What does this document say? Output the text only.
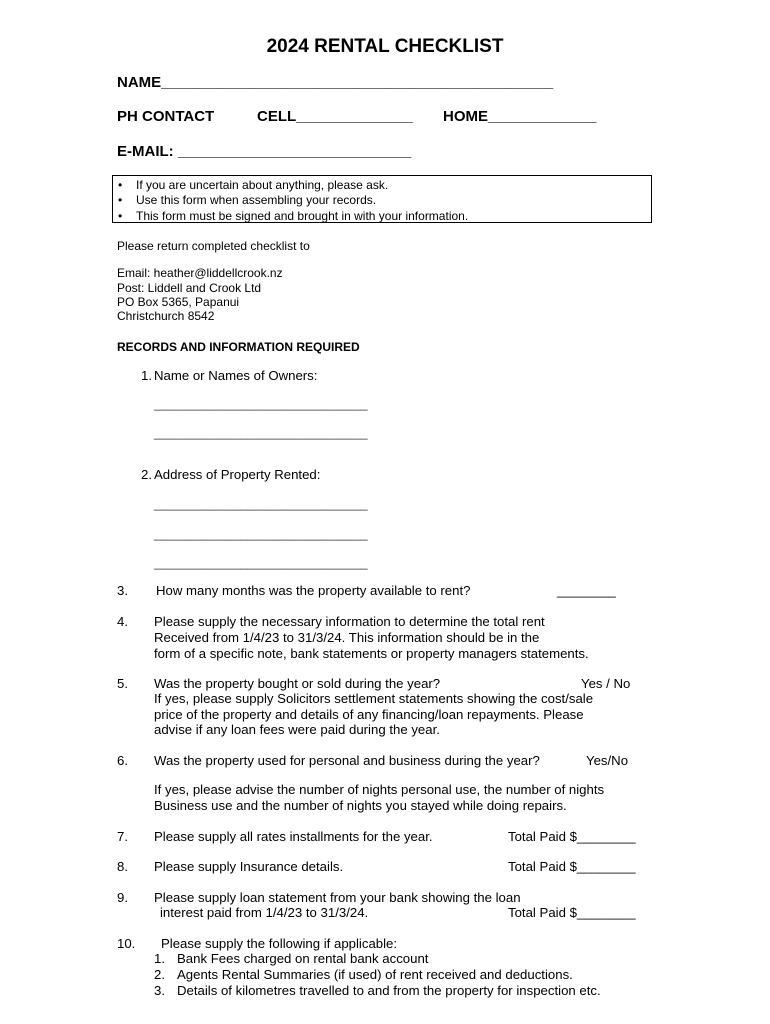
2024 RENTAL CHECKLIST
NAME_______________________________________________
PH CONTACT	CELL______________ HOME_____________
E-MAIL: ____________________________
• If you are uncertain about anything, please ask.
• Use this form when assembling your records.
• This form must be signed and brought in with your information.
Please return completed checklist to
Email: heather@liddellcrook.nz
Post: Liddell and Crook Ltd
PO Box 5365, Papanui
Christchurch 8542
RECORDS AND INFORMATION REQUIRED
1. Name or Names of Owners:
________________________________
________________________________
2. Address of Property Rented:
________________________________
________________________________
________________________________
3. How many months was the property available to rent?	________
4. Please supply the necessary information to determine the total rent
Received from 1/4/23 to 31/3/24. This information should be in the
form of a specific note, bank statements or property managers statements.
5. Was the property bought or sold during the year?	Yes / No
If yes, please supply Solicitors settlement statements showing the cost/sale
price of the property and details of any financing/loan repayments. Please
advise if any loan fees were paid during the year.
6. Was the property used for personal and business during the year?	Yes/No
If yes, please advise the number of nights personal use, the number of nights
Business use and the number of nights you stayed while doing repairs.
7. Please supply all rates installments for the year.	Total Paid $________
8. Please supply Insurance details.	Total Paid $________
9. Please supply loan statement from your bank showing the loan
interest paid from 1/4/23 to 31/3/24.	Total Paid $________
10. Please supply the following if applicable:
1. Bank Fees charged on rental bank account
2. Agents Rental Summaries (if used) of rent received and deductions.
3. Details of kilometres travelled to and from the property for inspection etc.
